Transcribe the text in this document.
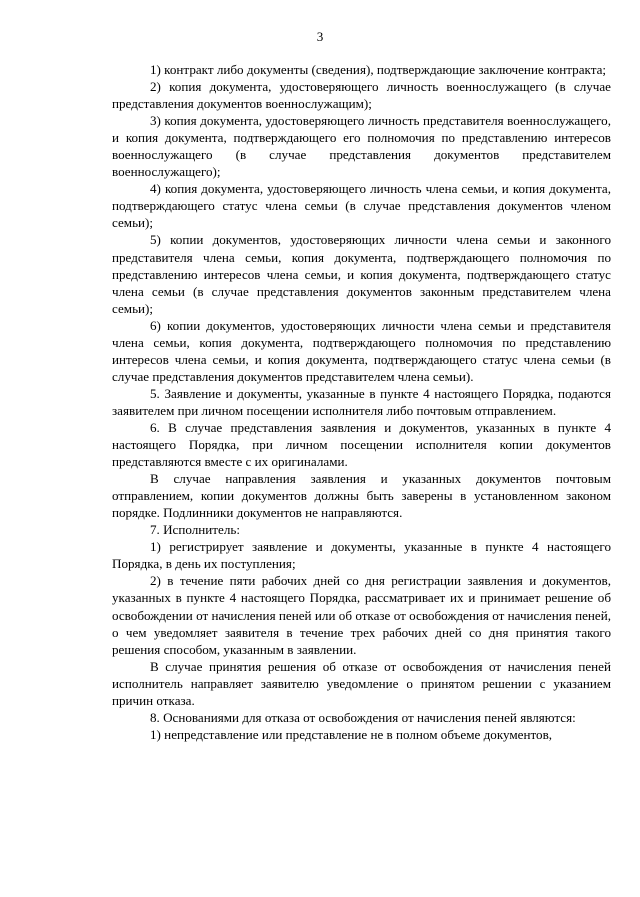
3

1) контракт либо документы (сведения), подтверждающие заключение контракта;

2) копия документа, удостоверяющего личность военнослужащего (в случае представления документов военнослужащим);

3) копия документа, удостоверяющего личность представителя военнослужащего, и копия документа, подтверждающего его полномочия по представлению интересов военнослужащего (в случае представления документов представителем военнослужащего);

4) копия документа, удостоверяющего личность члена семьи, и копия документа, подтверждающего статус члена семьи (в случае представления документов членом семьи);

5) копии документов, удостоверяющих личности члена семьи и законного представителя члена семьи, копия документа, подтверждающего полномочия по представлению интересов члена семьи, и копия документа, подтверждающего статус члена семьи (в случае представления документов законным представителем члена семьи);

6) копии документов, удостоверяющих личности члена семьи и представителя члена семьи, копия документа, подтверждающего полномочия по представлению интересов члена семьи, и копия документа, подтверждающего статус члена семьи (в случае представления документов представителем члена семьи).

5. Заявление и документы, указанные в пункте 4 настоящего Порядка, подаются заявителем при личном посещении исполнителя либо почтовым отправлением.

6. В случае представления заявления и документов, указанных в пункте 4 настоящего Порядка, при личном посещении исполнителя копии документов представляются вместе с их оригиналами.

В случае направления заявления и указанных документов почтовым отправлением, копии документов должны быть заверены в установленном законом порядке. Подлинники документов не направляются.

7. Исполнитель:

1) регистрирует заявление и документы, указанные в пункте 4 настоящего Порядка, в день их поступления;

2) в течение пяти рабочих дней со дня регистрации заявления и документов, указанных в пункте 4 настоящего Порядка, рассматривает их и принимает решение об освобождении от начисления пеней или об отказе от освобождения от начисления пеней, о чем уведомляет заявителя в течение трех рабочих дней со дня принятия такого решения способом, указанным в заявлении.

В случае принятия решения об отказе от освобождения от начисления пеней исполнитель направляет заявителю уведомление о принятом решении с указанием причин отказа.

8. Основаниями для отказа от освобождения от начисления пеней являются:

1) непредставление или представление не в полном объеме документов,
